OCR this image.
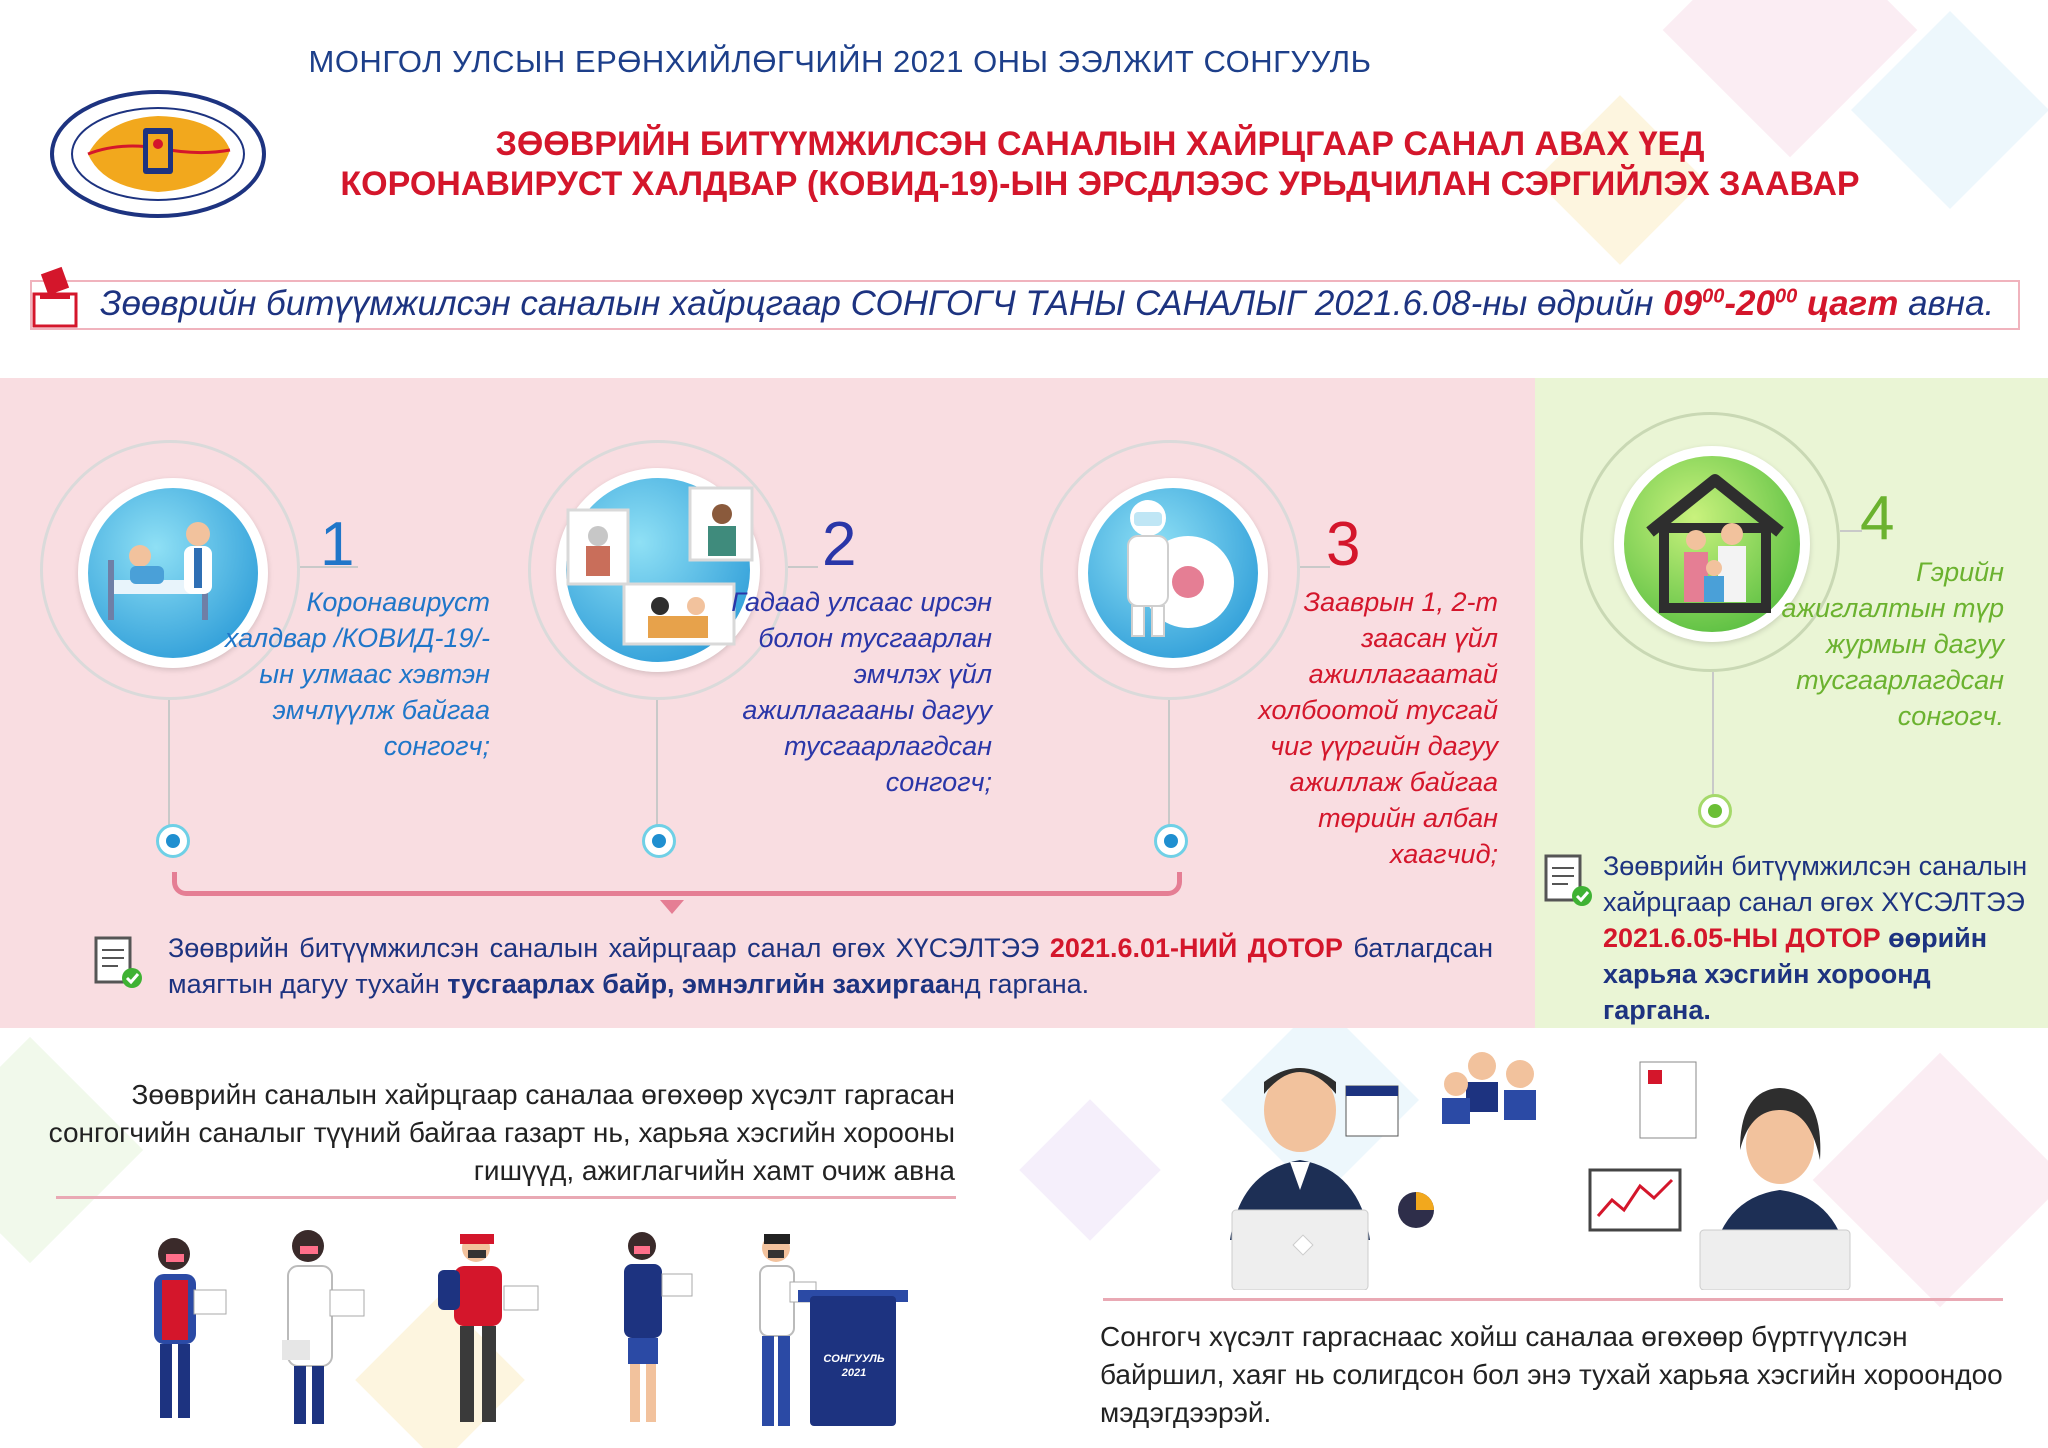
МОНГОЛ УЛСЫН ЕРӨНХИЙЛӨГЧИЙН 2021 ОНЫ ЭЭЛЖИТ СОНГУУЛЬ
ЗӨӨВРИЙН БИТҮҮМЖИЛСЭН САНАЛЫН ХАЙРЦГААР САНАЛ АВАХ ҮЕД
КОРОНАВИРУСТ ХАЛДВАР (КОВИД-19)-ЫН ЭРСДЛЭЭС УРЬДЧИЛАН СЭРГИЙЛЭХ ЗААВАР
Зөөврийн битүүмжилсэн саналын хайрцгаар СОНГОГЧ ТАНЫ САНАЛЫГ 2021.6.08-ны өдрийн $09^{00}-20^{00}$ цагт авна.
1
Коронавируст халдвар /КОВИД-19/-ын улмаас хэвтэн эмчлүүлж байгаа сонгогч;
2
Гадаад улсаас ирсэн болон тусгаарлан эмчлэх үйл ажиллагааны дагуу тусгаарлагдсан сонгогч;
3
Зааврын 1, 2-т заасан үйл ажиллагаатай холбоотой тусгай чиг үүргийн дагуу ажиллаж байгаа төрийн албан хаагчид;
4
Гэрийн ажиглалтын түр журмын дагуу тусгаарлагдсан сонгогч.
Зөөврийн битүүмжилсэн саналын хайрцгаар санал өгөх ХҮСЭЛТЭЭ 2021.6.01-НИЙ ДОТОР батлагдсан маягтын дагуу тухайн тусгаарлах байр, эмнэлгийн захиргаанд гаргана.
Зөөврийн битүүмжилсэн саналын хайрцгаар санал өгөх ХҮСЭЛТЭЭ 2021.6.05-НЫ ДОТОР өөрийн харьяа хэсгийн хороонд гаргана.
Зөөврийн саналын хайрцгаар саналаа өгөхөөр хүсэлт гаргасан сонгогчийн саналыг түүний байгаа газарт нь, харьяа хэсгийн хорооны гишүүд, ажиглагчийн хамт очиж авна
СОНГУУЛЬ
2021
Сонгогч хүсэлт гаргаснаас хойш саналаа өгөхөөр бүртгүүлсэн байршил, хаяг нь солигдсон бол энэ тухай харьяа хэсгийн хороондоо мэдэгдээрэй.
